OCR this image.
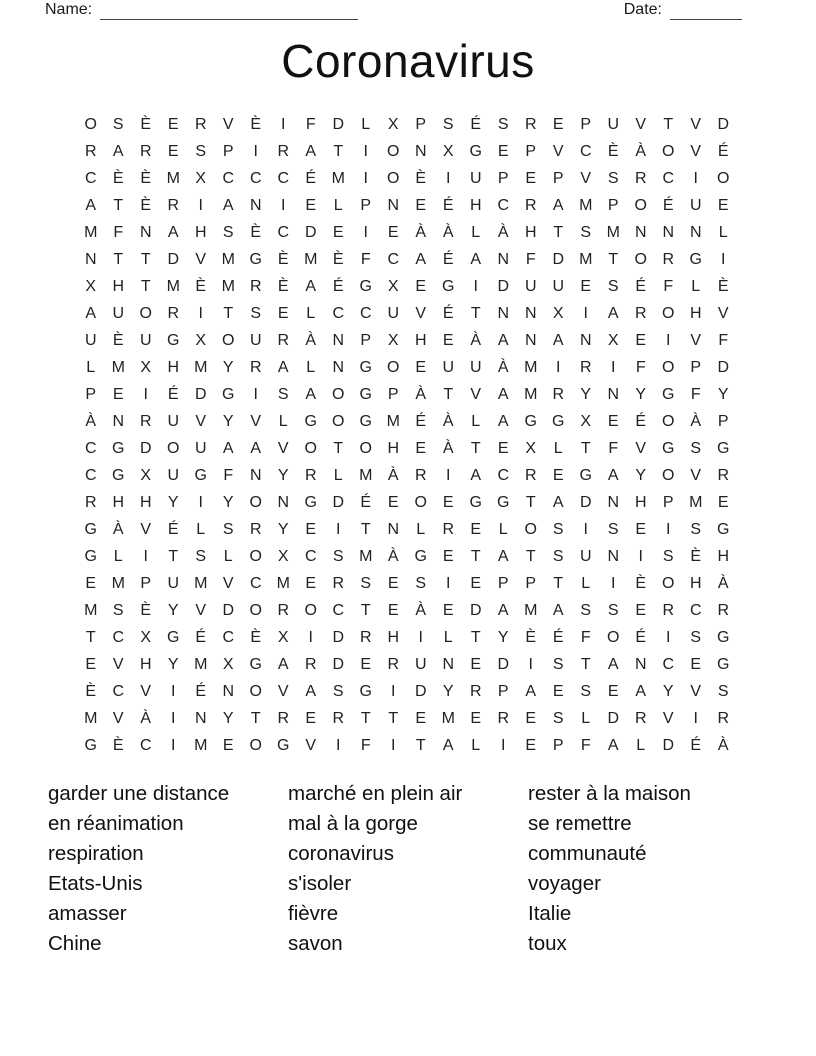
Name:	Date:
Coronavirus
O S	È	E	R	V	È	I	F	D	L	X	P	S	É	S	R	E	P	U	V	T	V	D
R	A	R	E	S	P	I	R	A	T	I	O N	X G E	P	V	C	È	À O V	É
C	È	È M X	C C C	É M	I	O È	I	U	P	E	P	V	S	R C	I	O
A	T	È	R	I	A	N	I	E	L	P	N	E	É	H C R	A M P O É	U	E
M F	N	A	H	S	È	C D	E	I	E	À	À	L	À	H	T	S M N N N	L
N	T	T	D	V M G È M È	F	C	A	É	A	N	F	D M T	O R G	I
X	H	T M È M R	È	A	É G X	E G	I	D U U	E	S	É	F	L	È
A	U O R	I	T	S	E	L	C C U	V	É	T	N N	X	I	A	R O H	V
U	È	U G X O U R	À	N	P	X	H	E	À	A	N	A	N	X	E	I	V	F
L	M X	H M Y	R	A	L	N G O E	U U	À M	I	R	I	F	O P	D
P	E	I	É	D G	I	S	A O G P	À	T	V	A M R	Y	N	Y G	F	Y
À	N R U	V	Y	V	L	G O G M É	À	L	A G G X	E	É O À	P
C G D O U	A	A	V O	T	O H	E	À	T	E	X	L	T	F	V G S G
C G X	U G	F	N	Y	R	L	M À	R	I	A	C R	E G A	Y O V	R
R H H	Y	I	Y O N G D	É	E O E G G	T	A	D N H	P M E
G À	V	É	L	S	R	Y	E	I	T	N	L	R	E	L	O S	I	S	E	I	S G
G	L	I	T	S	L	O X	C	S M À G E	T	A	T	S	U N	I	S	È	H
E M P	U M V	C M E	R	S	E	S	I	E	P	P	T	L	I	È O H	À
M S	È	Y	V	D O R O C	T	E	À	E	D	A M A	S	S	E	R C R
T	C	X G É	C	È	X	I	D R H	I	L	T	Y	È	É	F	O É	I	S G
E	V	H	Y M X G A	R D	E	R U N	E	D	I	S	T	A	N C	E G
È	C	V	I	É	N O V	A	S G	I	D	Y	R	P	A	E	S	E	A	Y	V	S
M V	À	I	N	Y	T	R	E	R	T	T	E M E	R	E	S	L	D R	V	I	R
G È	C	I	M E O G V	I	F	I	T	A	L	I	E	P	F	A	L	D	É	À
garder une distance
en réanimation
respiration
Etats-Unis
amasser
Chine
marché en plein air
mal à la gorge
coronavirus
s'isoler
fièvre
savon
rester à la maison
se remettre
communauté
voyager
Italie
toux
